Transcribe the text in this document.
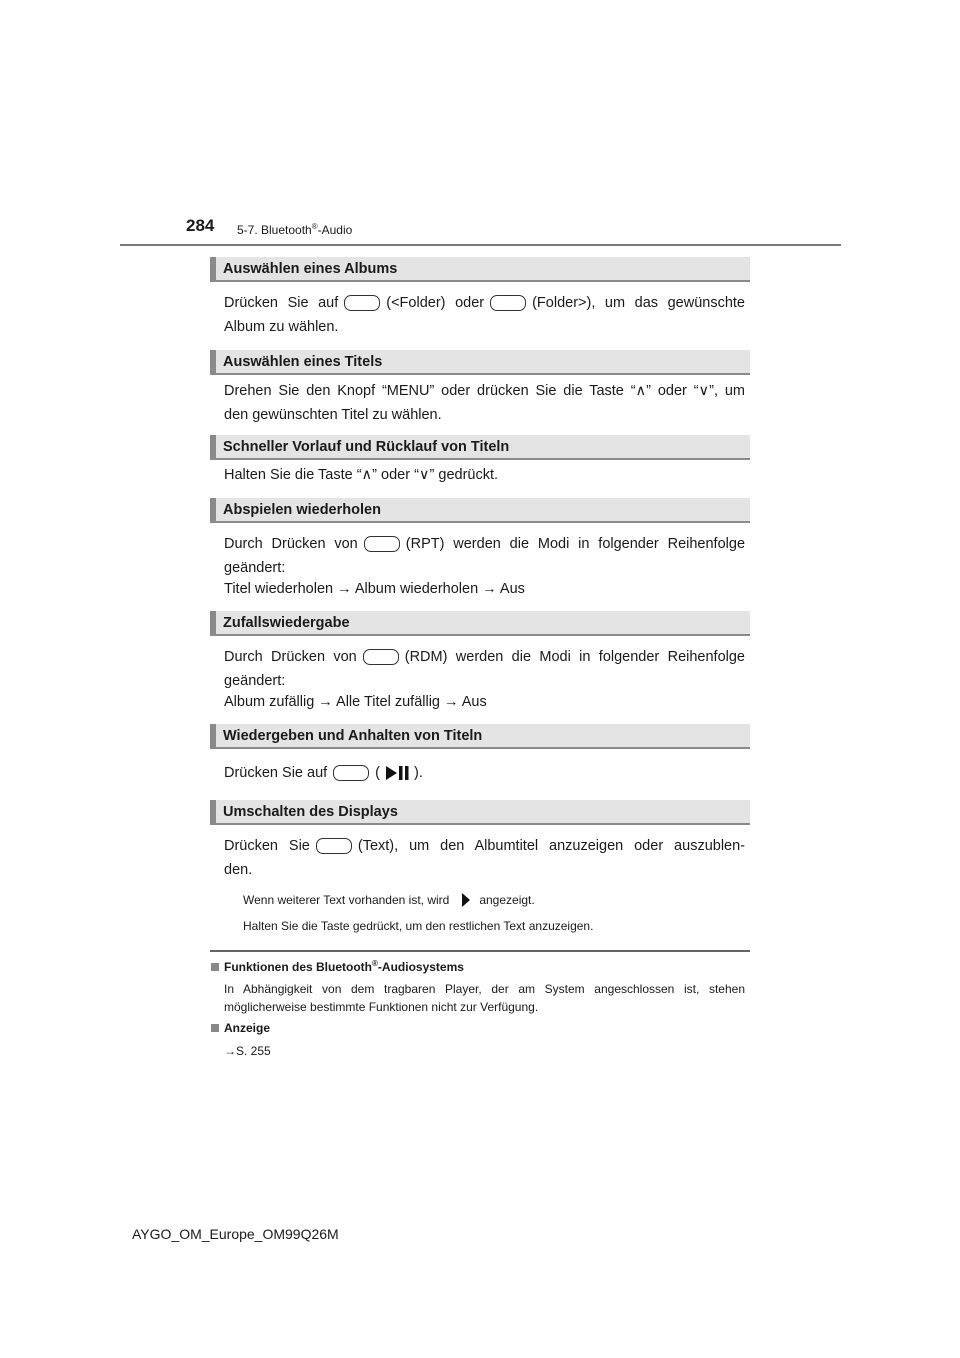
284 5-7. Bluetooth®-Audio
Auswählen eines Albums
Drücken Sie auf	(<Folder) oder	(Folder>), um das gewünschte
Album zu wählen.
Auswählen eines Titels
Drehen Sie den Knopf “MENU” oder drücken Sie die Taste “∧” oder “∨”, um
den gewünschten Titel zu wählen.
Schneller Vorlauf und Rücklauf von Titeln
Halten Sie die Taste “∧” oder “∨” gedrückt.
Abspielen wiederholen
Durch Drücken von	(RPT) werden die Modi in folgender Reihenfolge
geändert:
Titel wiederholen → Album wiederholen → Aus
Zufallswiedergabe
Durch Drücken von	(RDM) werden die Modi in folgender Reihenfolge
geändert:
Album zufällig → Alle Titel zufällig → Aus
Wiedergeben und Anhalten von Titeln
Drücken Sie auf	( ).
Umschalten des Displays
Drücken Sie	(Text), um den Albumtitel anzuzeigen oder auszublen-
den.
Wenn weiterer Text vorhanden ist, wird	angezeigt.
Halten Sie die Taste gedrückt, um den restlichen Text anzuzeigen.
Funktionen des Bluetooth®-Audiosystems
In Abhängigkeit von dem tragbaren Player, der am System angeschlossen ist, stehen
möglicherweise bestimmte Funktionen nicht zur Verfügung.
Anzeige
→S. 255
AYGO_OM_Europe_OM99Q26M
